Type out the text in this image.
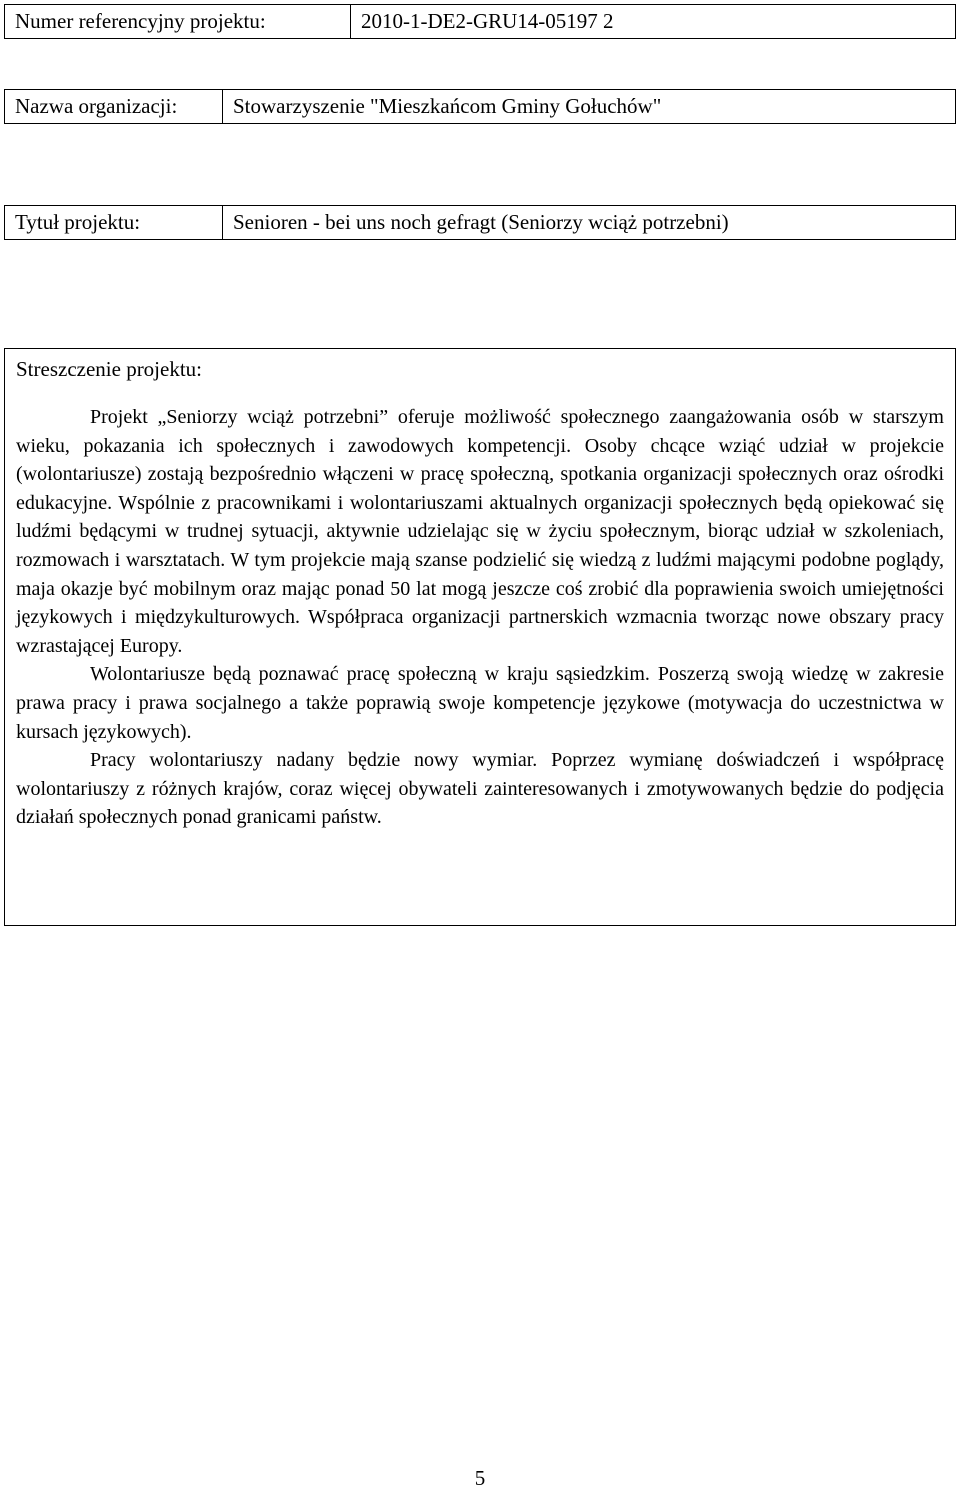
Numer referencyjny projektu:	2010-1-DE2-GRU14-05197 2
Nazwa organizacji:	Stowarzyszenie "Mieszkańcom Gminy Gołuchów"
Tytuł projektu:	Senioren - bei uns noch gefragt (Seniorzy wciąż potrzebni)
Streszczenie projektu:

Projekt „Seniorzy wciąż potrzebni” oferuje możliwość społecznego zaangażowania osób w starszym wieku, pokazania ich społecznych i zawodowych kompetencji. Osoby chcące wziąć udział w projekcie (wolontariusze) zostają bezpośrednio włączeni w pracę społeczną, spotkania organizacji społecznych oraz ośrodki edukacyjne. Wspólnie z pracownikami i wolontariuszami aktualnych organizacji społecznych będą opiekować się ludźmi będącymi w trudnej sytuacji, aktywnie udzielając się w życiu społecznym, biorąc udział w szkoleniach, rozmowach i warsztatach. W tym projekcie mają szanse podzielić się wiedzą z ludźmi mającymi podobne poglądy, maja okazje być mobilnym oraz mając ponad 50 lat mogą jeszcze coś zrobić dla poprawienia swoich umiejętności językowych i międzykulturowych. Współpraca organizacji partnerskich wzmacnia tworząc nowe obszary pracy wzrastającej Europy.

Wolontariusze będą poznawać pracę społeczną w kraju sąsiedzkim. Poszerzą swoją wiedzę w zakresie prawa pracy i prawa socjalnego a także poprawią swoje kompetencje językowe (motywacja do uczestnictwa w kursach językowych).

Pracy wolontariuszy nadany będzie nowy wymiar. Poprzez wymianę doświadczeń i współpracę wolontariuszy z różnych krajów, coraz więcej obywateli zainteresowanych i zmotywowanych będzie do podjęcia działań społecznych ponad granicami państw.

5
